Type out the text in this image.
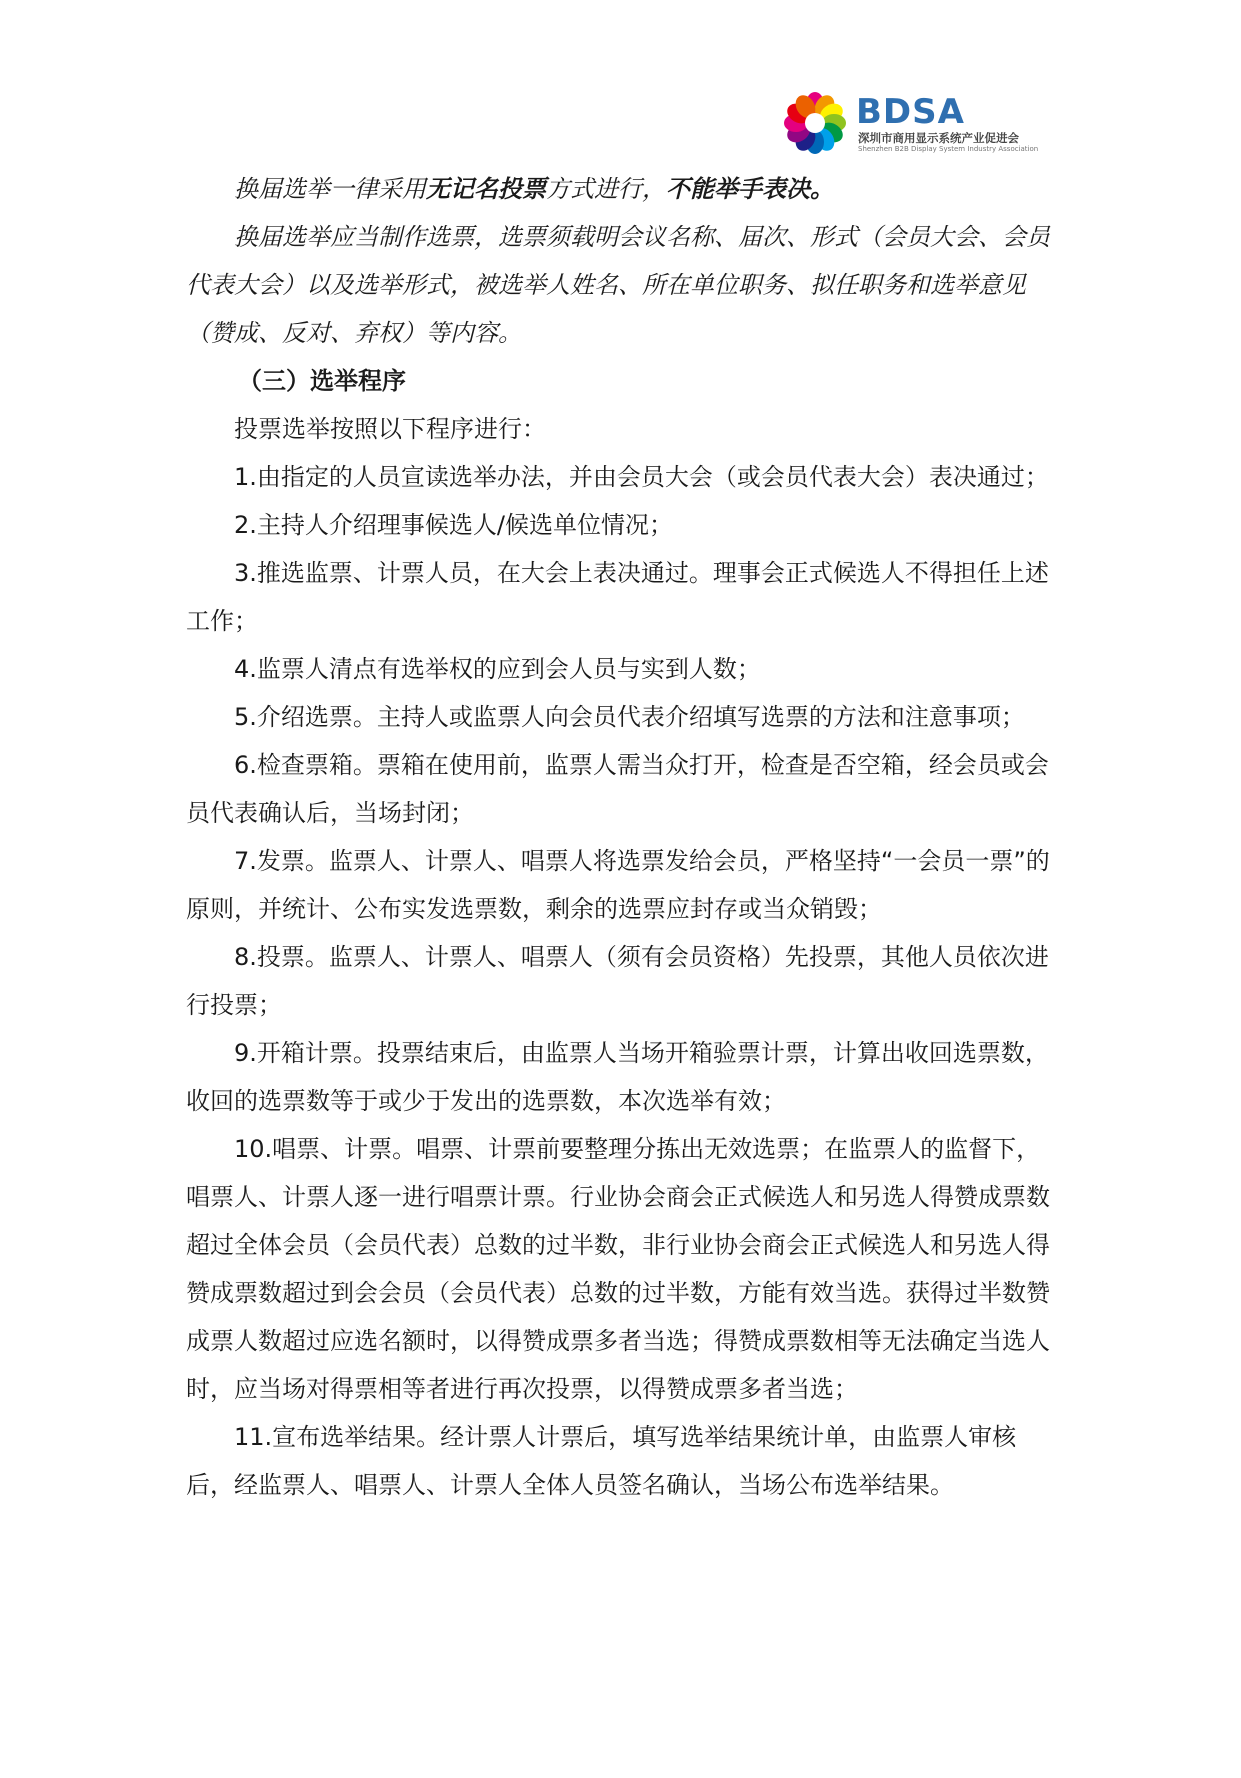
BDSA
深圳市商用显示系统产业促进会
Shenzhen B2B Display System Industry Association

换届选举一律采用无记名投票方式进行，不能举手表决。

换届选举应当制作选票，选票须载明会议名称、届次、形式（会员大会、会员代表大会）以及选举形式，被选举人姓名、所在单位职务、拟任职务和选举意见（赞成、反对、弃权）等内容。

（三）选举程序

投票选举按照以下程序进行：

1.由指定的人员宣读选举办法，并由会员大会（或会员代表大会）表决通过；

2.主持人介绍理事候选人/候选单位情况；

3.推选监票、计票人员，在大会上表决通过。理事会正式候选人不得担任上述工作；

4.监票人清点有选举权的应到会人员与实到人数；

5.介绍选票。主持人或监票人向会员代表介绍填写选票的方法和注意事项；

6.检查票箱。票箱在使用前，监票人需当众打开，检查是否空箱，经会员或会员代表确认后，当场封闭；

7.发票。监票人、计票人、唱票人将选票发给会员，严格坚持“一会员一票”的原则，并统计、公布实发选票数，剩余的选票应封存或当众销毁；

8.投票。监票人、计票人、唱票人（须有会员资格）先投票，其他人员依次进行投票；

9.开箱计票。投票结束后，由监票人当场开箱验票计票，计算出收回选票数，收回的选票数等于或少于发出的选票数，本次选举有效；

10.唱票、计票。唱票、计票前要整理分拣出无效选票；在监票人的监督下，唱票人、计票人逐一进行唱票计票。行业协会商会正式候选人和另选人得赞成票数超过全体会员（会员代表）总数的过半数，非行业协会商会正式候选人和另选人得赞成票数超过到会会员（会员代表）总数的过半数，方能有效当选。获得过半数赞成票人数超过应选名额时，以得赞成票多者当选；得赞成票数相等无法确定当选人时，应当场对得票相等者进行再次投票，以得赞成票多者当选；

11.宣布选举结果。经计票人计票后，填写选举结果统计单，由监票人审核后，经监票人、唱票人、计票人全体人员签名确认，当场公布选举结果。
